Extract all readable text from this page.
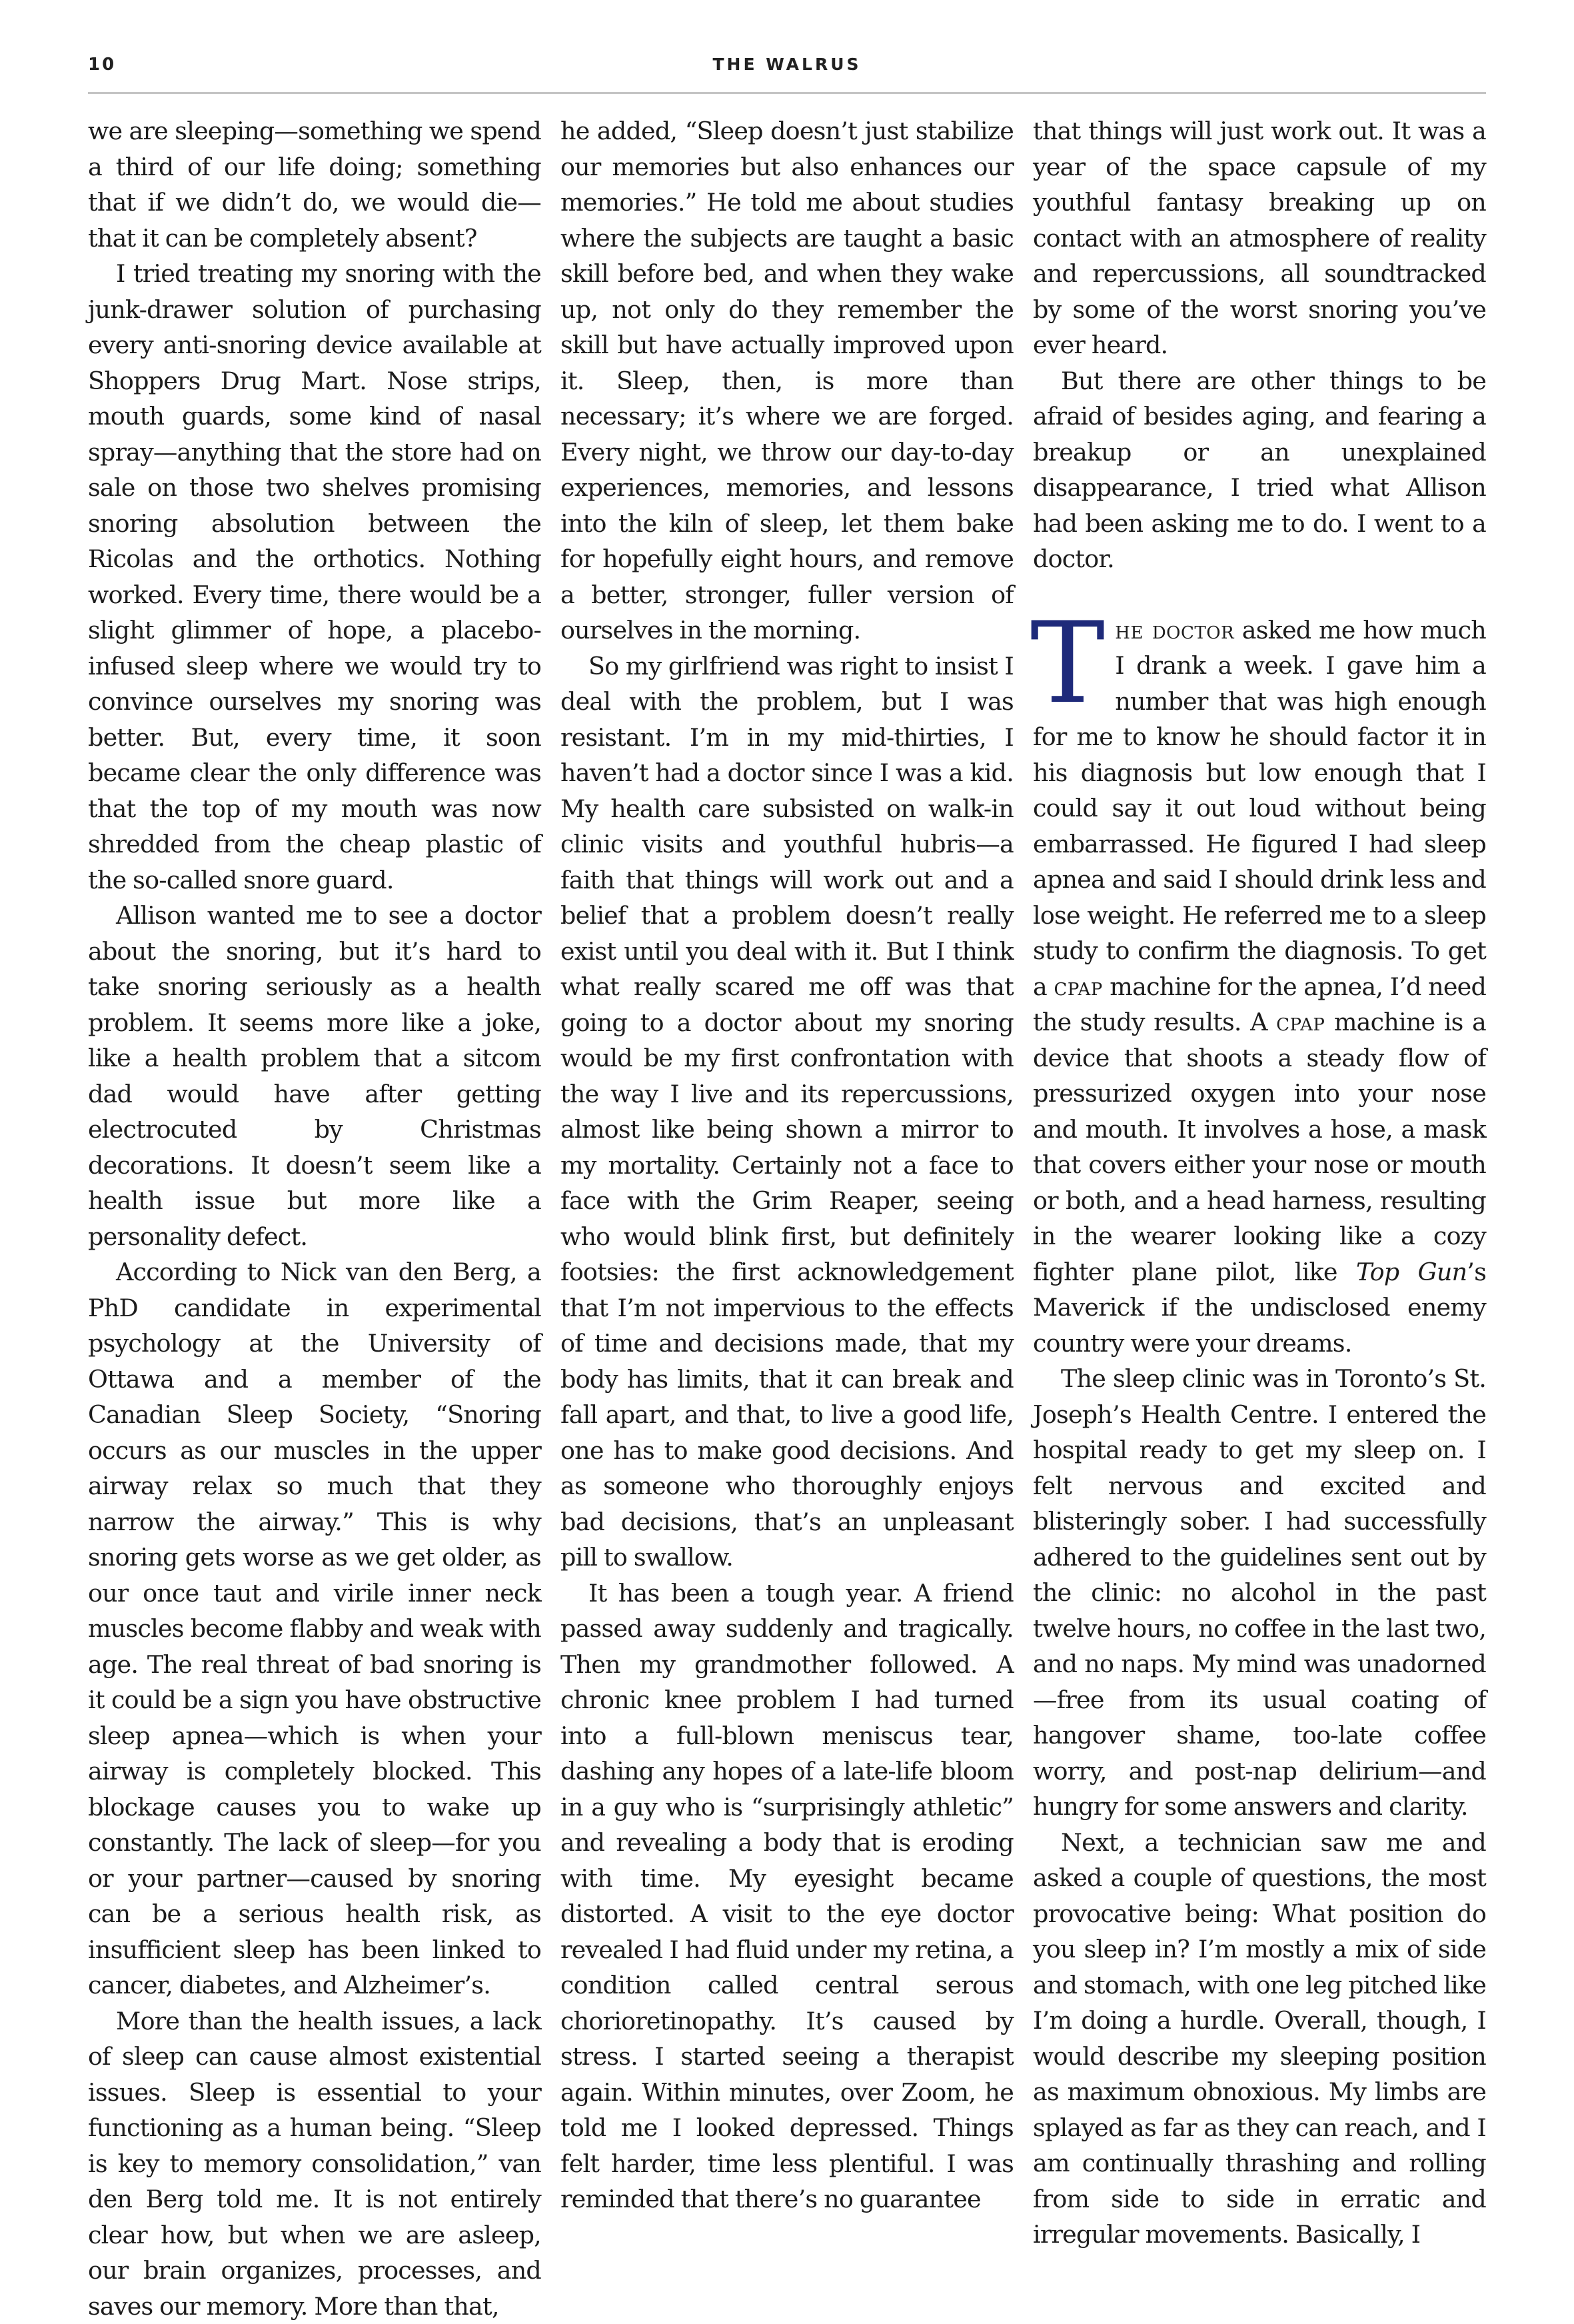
10	THE WALRUS

we are sleeping—something we spend a third of our life doing; something that if we didn’t do, we would die—that it can be completely absent?

I tried treating my snoring with the junk-drawer solution of purchasing every anti-snoring device available at Shoppers Drug Mart. Nose strips, mouth guards, some kind of nasal spray—anything that the store had on sale on those two shelves promising snoring absolution between the Ricolas and the orthotics. Nothing worked. Every time, there would be a slight glimmer of hope, a placebo-infused sleep where we would try to convince ourselves my snoring was better. But, every time, it soon became clear the only difference was that the top of my mouth was now shredded from the cheap plastic of the so-called snore guard.

Allison wanted me to see a doctor about the snoring, but it’s hard to take snoring seriously as a health problem. It seems more like a joke, like a health problem that a sitcom dad would have after getting electrocuted by Christmas decorations. It doesn’t seem like a health issue but more like a personality defect.

According to Nick van den Berg, a PhD candidate in experimental psychology at the University of Ottawa and a member of the Canadian Sleep Society, “Snoring occurs as our muscles in the upper airway relax so much that they narrow the airway.” This is why snoring gets worse as we get older, as our once taut and virile inner neck muscles become flabby and weak with age. The real threat of bad snoring is it could be a sign you have obstructive sleep apnea—which is when your airway is completely blocked. This blockage causes you to wake up constantly. The lack of sleep—for you or your partner—caused by snoring can be a serious health risk, as insufficient sleep has been linked to cancer, diabetes, and Alzheimer’s.

More than the health issues, a lack of sleep can cause almost existential issues. Sleep is essential to your functioning as a human being. “Sleep is key to memory consolidation,” van den Berg told me. It is not entirely clear how, but when we are asleep, our brain organizes, processes, and saves our memory. More than that,

he added, “Sleep doesn’t just stabilize our memories but also enhances our memories.” He told me about studies where the subjects are taught a basic skill before bed, and when they wake up, not only do they remember the skill but have actually improved upon it. Sleep, then, is more than necessary; it’s where we are forged. Every night, we throw our day-to-day experiences, memories, and lessons into the kiln of sleep, let them bake for hopefully eight hours, and remove a better, stronger, fuller version of ourselves in the morning.

So my girlfriend was right to insist I deal with the problem, but I was resistant. I’m in my mid-thirties, I haven’t had a doctor since I was a kid. My health care subsisted on walk-in clinic visits and youthful hubris—a faith that things will work out and a belief that a problem doesn’t really exist until you deal with it. But I think what really scared me off was that going to a doctor about my snoring would be my first confrontation with the way I live and its repercussions, almost like being shown a mirror to my mortality. Certainly not a face to face with the Grim Reaper, seeing who would blink first, but definitely footsies: the first acknowledgement that I’m not impervious to the effects of time and decisions made, that my body has limits, that it can break and fall apart, and that, to live a good life, one has to make good decisions. And as someone who thoroughly enjoys bad decisions, that’s an unpleasant pill to swallow.

It has been a tough year. A friend passed away suddenly and tragically. Then my grandmother followed. A chronic knee problem I had turned into a full-blown meniscus tear, dashing any hopes of a late-life bloom in a guy who is “surprisingly athletic” and revealing a body that is eroding with time. My eyesight became distorted. A visit to the eye doctor revealed I had fluid under my retina, a condition called central serous chorioretinopathy. It’s caused by stress. I started seeing a therapist again. Within minutes, over Zoom, he told me I looked depressed. Things felt harder, time less plentiful. I was reminded that there’s no guarantee

that things will just work out. It was a year of the space capsule of my youthful fantasy breaking up on contact with an atmosphere of reality and repercussions, all soundtracked by some of the worst snoring you’ve ever heard.

But there are other things to be afraid of besides aging, and fearing a breakup or an unexplained disappearance, I tried what Allison had been asking me to do. I went to a doctor.

The doctor asked me how much I drank a week. I gave him a number that was high enough for me to know he should factor it in his diagnosis but low enough that I could say it out loud without being embarrassed. He figured I had sleep apnea and said I should drink less and lose weight. He referred me to a sleep study to confirm the diagnosis. To get a cpap machine for the apnea, I’d need the study results. A cpap machine is a device that shoots a steady flow of pressurized oxygen into your nose and mouth. It involves a hose, a mask that covers either your nose or mouth or both, and a head harness, resulting in the wearer looking like a cozy fighter plane pilot, like Top Gun’s Maverick if the undisclosed enemy country were your dreams.

The sleep clinic was in Toronto’s St. Joseph’s Health Centre. I entered the hospital ready to get my sleep on. I felt nervous and excited and blisteringly sober. I had successfully adhered to the guidelines sent out by the clinic: no alcohol in the past twelve hours, no coffee in the last two, and no naps. My mind was unadorned—free from its usual coating of hangover shame, too-late coffee worry, and post-nap delirium—and hungry for some answers and clarity.

Next, a technician saw me and asked a couple of questions, the most provocative being: What position do you sleep in? I’m mostly a mix of side and stomach, with one leg pitched like I’m doing a hurdle. Overall, though, I would describe my sleeping position as maximum obnoxious. My limbs are splayed as far as they can reach, and I am continually thrashing and rolling from side to side in erratic and irregular movements. Basically, I
